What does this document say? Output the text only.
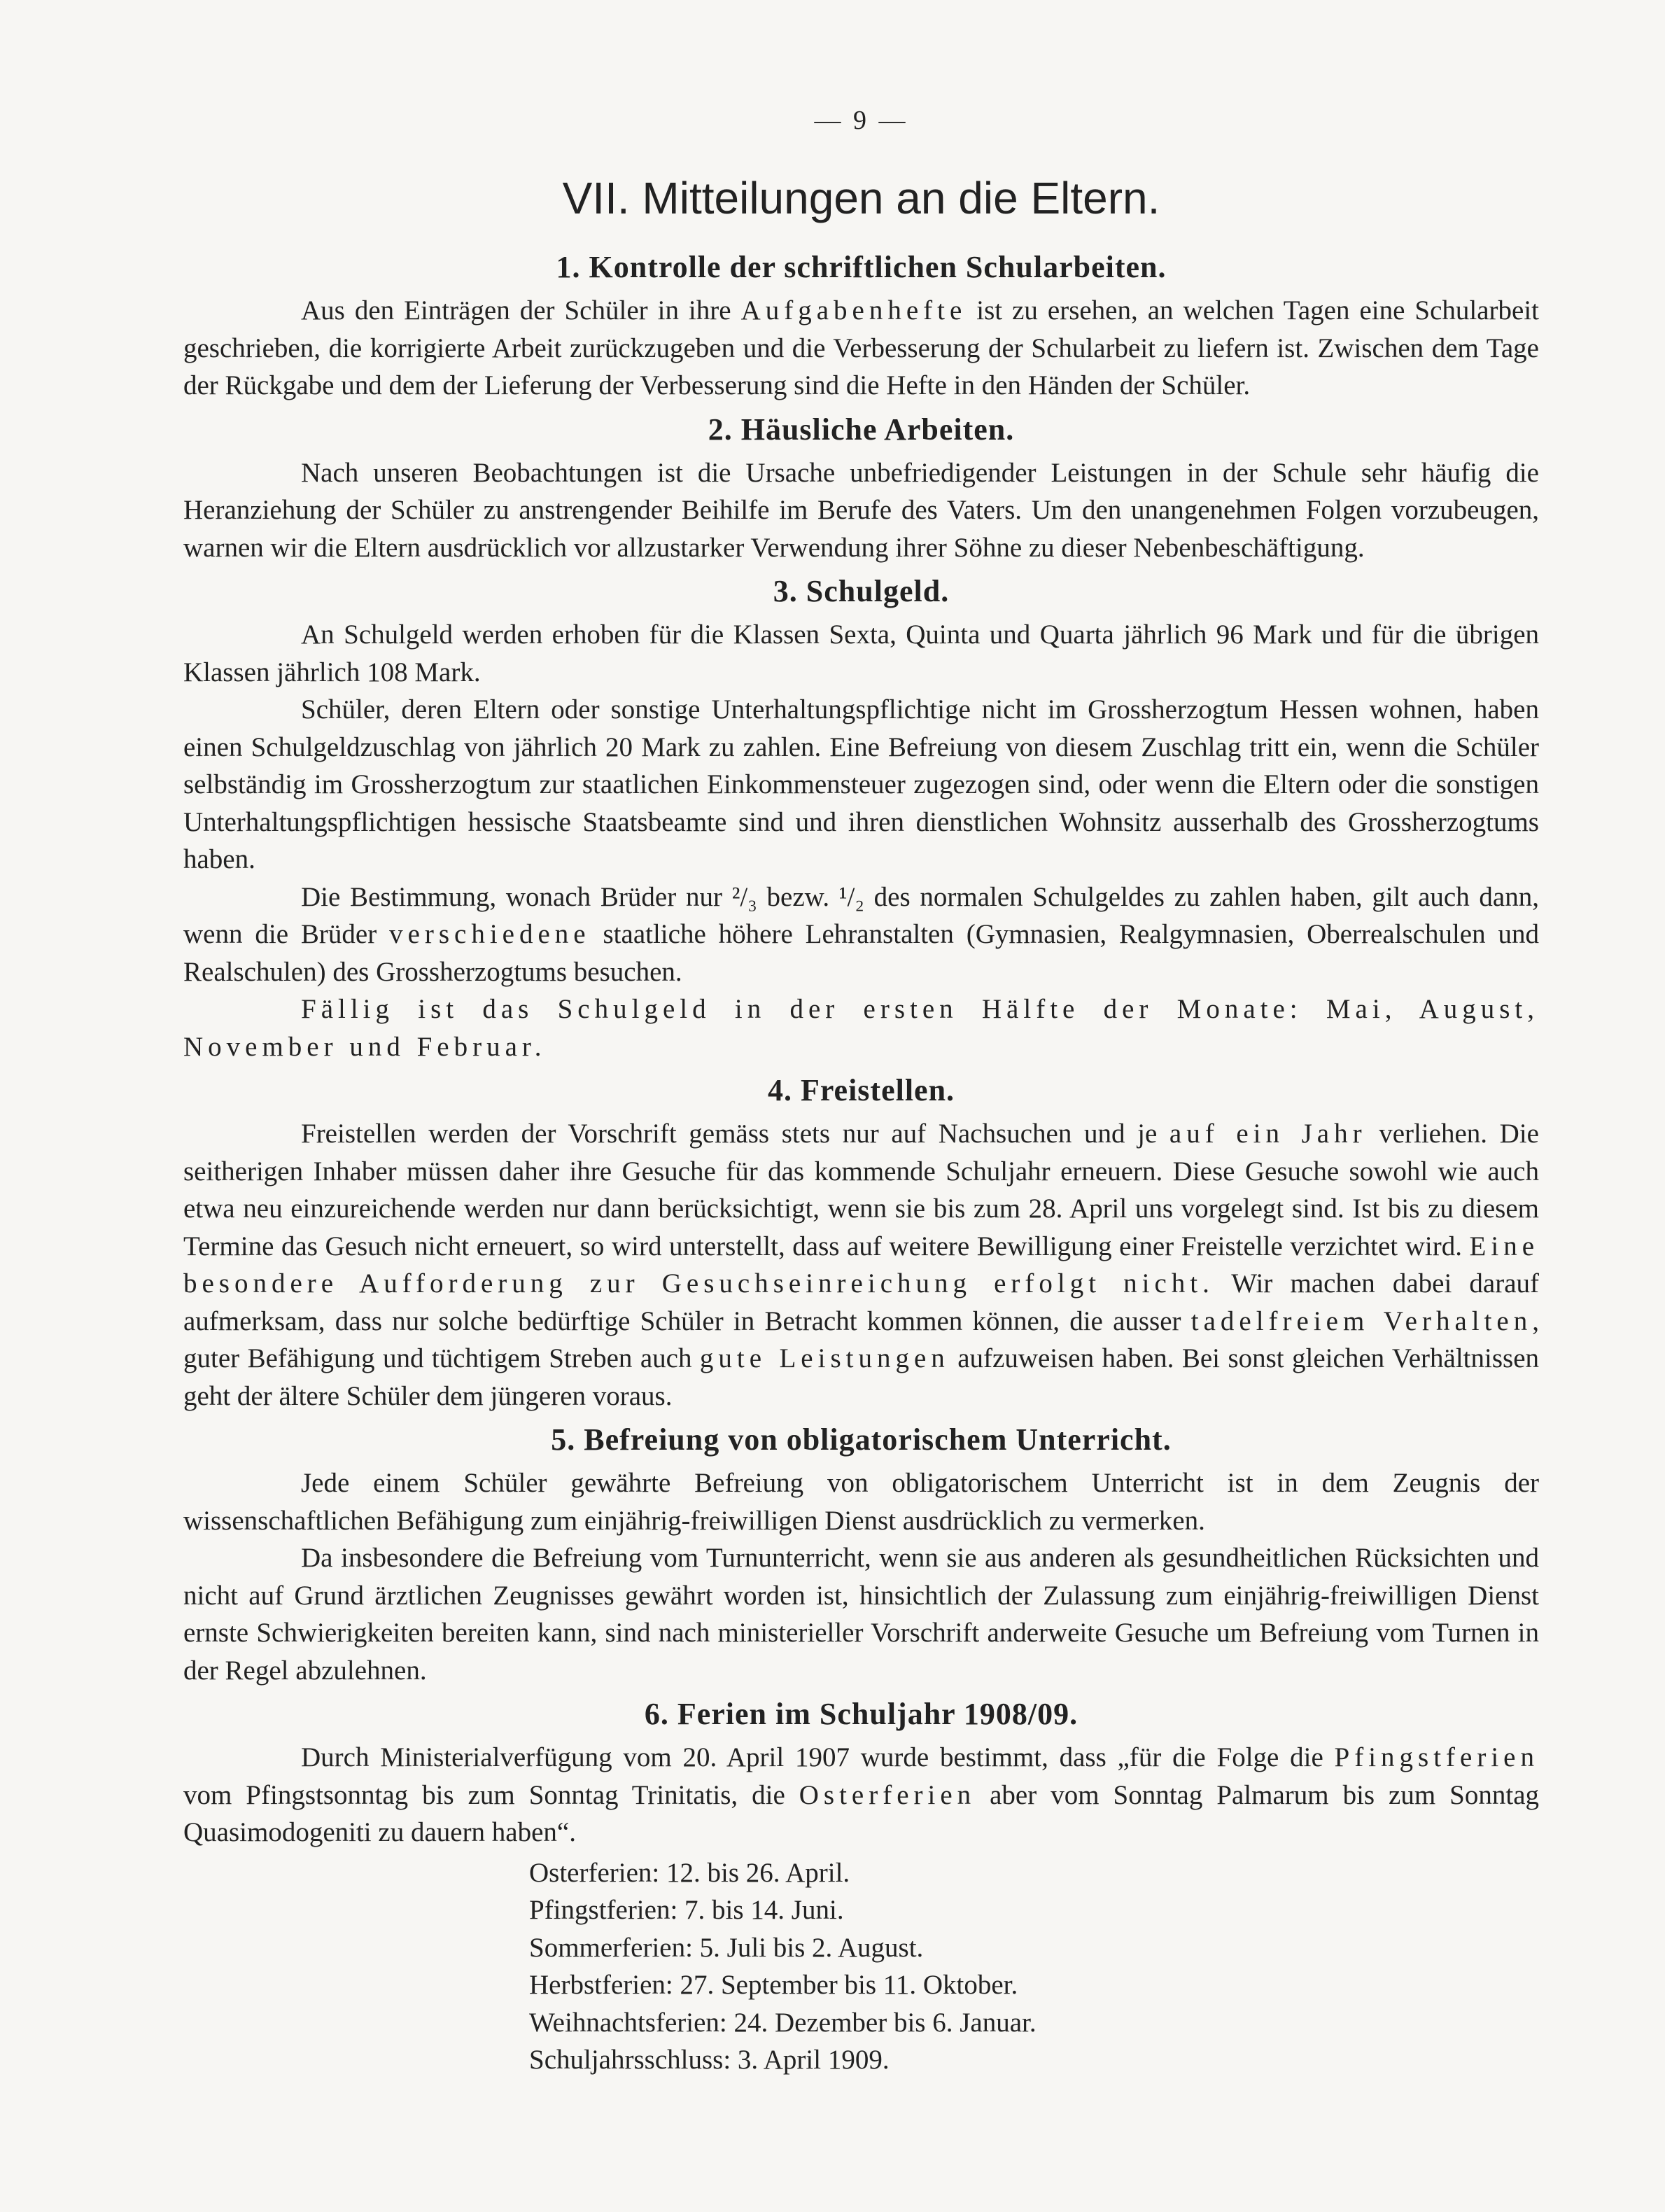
— 9 —
VII. Mitteilungen an die Eltern.
1. Kontrolle der schriftlichen Schularbeiten.

Aus den Einträgen der Schüler in ihre Aufgabenhefte ist zu ersehen, an welchen Tagen eine Schularbeit geschrieben, die korrigierte Arbeit zurückzugeben und die Verbesserung der Schularbeit zu liefern ist. Zwischen dem Tage der Rückgabe und dem der Lieferung der Verbesserung sind die Hefte in den Händen der Schüler.

2. Häusliche Arbeiten.

Nach unseren Beobachtungen ist die Ursache unbefriedigender Leistungen in der Schule sehr häufig die Heranziehung der Schüler zu anstrengender Beihilfe im Berufe des Vaters. Um den unangenehmen Folgen vorzubeugen, warnen wir die Eltern ausdrücklich vor allzustarker Verwendung ihrer Söhne zu dieser Nebenbeschäftigung.

3. Schulgeld.

An Schulgeld werden erhoben für die Klassen Sexta, Quinta und Quarta jährlich 96 Mark und für die übrigen Klassen jährlich 108 Mark.

Schüler, deren Eltern oder sonstige Unterhaltungspflichtige nicht im Grossherzogtum Hessen wohnen, haben einen Schulgeldzuschlag von jährlich 20 Mark zu zahlen. Eine Befreiung von diesem Zuschlag tritt ein, wenn die Schüler selbständig im Grossherzogtum zur staatlichen Einkommensteuer zugezogen sind, oder wenn die Eltern oder die sonstigen Unterhaltungspflichtigen hessische Staatsbeamte sind und ihren dienstlichen Wohnsitz ausserhalb des Grossherzogtums haben.

Die Bestimmung, wonach Brüder nur ²/₃ bezw. ¹/₂ des normalen Schulgeldes zu zahlen haben, gilt auch dann, wenn die Brüder verschiedene staatliche höhere Lehranstalten (Gymnasien, Realgymnasien, Oberrealschulen und Realschulen) des Grossherzogtums besuchen.

Fällig ist das Schulgeld in der ersten Hälfte der Monate: Mai, August, November und Februar.

4. Freistellen.

Freistellen werden der Vorschrift gemäss stets nur auf Nachsuchen und je auf ein Jahr verliehen. Die seitherigen Inhaber müssen daher ihre Gesuche für das kommende Schuljahr erneuern. Diese Gesuche sowohl wie auch etwa neu einzureichende werden nur dann berücksichtigt, wenn sie bis zum 28. April uns vorgelegt sind. Ist bis zu diesem Termine das Gesuch nicht erneuert, so wird unterstellt, dass auf weitere Bewilligung einer Freistelle verzichtet wird. Eine besondere Aufforderung zur Gesuchseinreichung erfolgt nicht. Wir machen dabei darauf aufmerksam, dass nur solche bedürftige Schüler in Betracht kommen können, die ausser tadelfreiem Verhalten, guter Befähigung und tüchtigem Streben auch gute Leistungen aufzuweisen haben. Bei sonst gleichen Verhältnissen geht der ältere Schüler dem jüngeren voraus.

5. Befreiung von obligatorischem Unterricht.

Jede einem Schüler gewährte Befreiung von obligatorischem Unterricht ist in dem Zeugnis der wissenschaftlichen Befähigung zum einjährig-freiwilligen Dienst ausdrücklich zu vermerken.

Da insbesondere die Befreiung vom Turnunterricht, wenn sie aus anderen als gesundheitlichen Rücksichten und nicht auf Grund ärztlichen Zeugnisses gewährt worden ist, hinsichtlich der Zulassung zum einjährig-freiwilligen Dienst ernste Schwierigkeiten bereiten kann, sind nach ministerieller Vorschrift anderweite Gesuche um Befreiung vom Turnen in der Regel abzulehnen.

6. Ferien im Schuljahr 1908/09.

Durch Ministerialverfügung vom 20. April 1907 wurde bestimmt, dass „für die Folge die Pfingstferien vom Pfingstsonntag bis zum Sonntag Trinitatis, die Osterferien aber vom Sonntag Palmarum bis zum Sonntag Quasimodogeniti zu dauern haben“.

Osterferien: 12. bis 26. April.
Pfingstferien: 7. bis 14. Juni.
Sommerferien: 5. Juli bis 2. August.
Herbstferien: 27. September bis 11. Oktober.
Weihnachtsferien: 24. Dezember bis 6. Januar.
Schuljahrsschluss: 3. April 1909.
